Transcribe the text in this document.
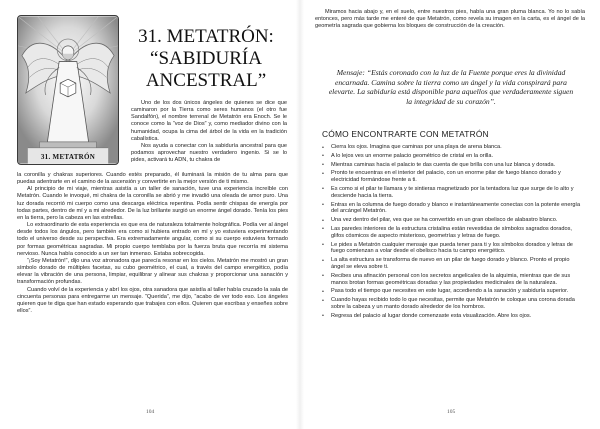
31. METATRÓN
31. METATRÓN:
“SABIDURÍA
ANCESTRAL”

Uno de los dos únicos ángeles de quienes se dice que caminaron por la Tierra como seres humanos (el otro fue Sandalfón), el nombre terrenal de Metatrón era Enoch. Se le conoce como la “voz de Dios” y, como mediador divino con la humanidad, ocupa la cima del árbol de la vida en la tradición cabalística.

Nos ayuda a conectar con la sabiduría ancestral para que podamos aprovechar nuestro verdadero ingenio. Si se lo pides, activará tu ADN, tu chakra de

la coronilla y chakras superiores. Cuando estés preparado, él iluminará la misión de tu alma para que puedas adentrarte en el camino de la ascensión y convertirte en la mejor versión de ti mismo.

Al principio de mi viaje, mientras asistía a un taller de sanación, tuve una experiencia increíble con Metatrón. Cuando le invoqué, mi chakra de la coronilla se abrió y me invadió una oleada de amor puro. Una luz dorada recorrió mi cuerpo como una descarga eléctrica repentina. Podía sentir chispas de energía por todas partes, dentro de mí y a mi alrededor. De la luz brillante surgió un enorme ángel dorado. Tenía los pies en la tierra, pero la cabeza en las estrellas.

Lo extraordinario de esta experiencia es que era de naturaleza totalmente holográfica. Podía ver al ángel desde todos los ángulos, pero también era como si hubiera entrado en mí y yo estuviera experimentando todo el universo desde su perspectiva. Era extremadamente angular, como si su cuerpo estuviera formado por formas geométricas sagradas. Mi propio cuerpo temblaba por la fuerza bruta que recorría mi sistema nervioso. Nunca había conocido a un ser tan inmenso. Estaba sobrecogida.

“¡Soy Metatrón!”, dijo una voz atronadora que parecía resonar en los cielos. Metatrón me mostró un gran símbolo dorado de múltiples facetas, su cubo geométrico, el cual, a través del campo energético, podía elevar la vibración de una persona, limpiar, equilibrar y alinear sus chakras y proporcionar una sanación y transformación profundas.

Cuando volví de la experiencia y abrí los ojos, otra sanadora que asistía al taller había cruzado la sala de cincuenta personas para entregarme un mensaje. “Querida”, me dijo, “acabo de ver todo eso. Los ángeles quieren que te diga que han estado esperando que trabajes con ellos. Quieren que escribas y enseñes sobre ellos”.

104

Miramos hacia abajo y, en el suelo, entre nuestros pies, había una gran pluma blanca. Yo no lo sabía entonces, pero más tarde me enteré de que Metatrón, como revela su imagen en la carta, es el ángel de la geometría sagrada que gobierna los bloques de construcción de la creación.

Mensaje: “Estás coronado con la luz de la Fuente porque eres la divinidad encarnada. Camina sobre la tierra como un ángel y la vida conspirará para elevarte. La sabiduría está disponible para aquellos que verdaderamente siguen la integridad de su corazón”.
CÓMO ENCONTRARTE CON METATRÓN
• Cierra los ojos. Imagina que caminas por una playa de arena blanca.
• A lo lejos ves un enorme palacio geométrico de cristal en la orilla.
• Mientras caminas hacia el palacio te das cuenta de que brilla con una luz blanca y dorada.
• Pronto te encuentras en el interior del palacio, con un enorme pilar de fuego blanco dorado y electricidad formándose frente a ti.
• Es como si el pilar te llamara y te sintieras magnetizado por la tentadora luz que surge de lo alto y desciende hacia la tierra.
• Entras en la columna de fuego dorado y blanco e instantáneamente conectas con la potente energía del arcángel Metatrón.
• Una vez dentro del pilar, ves que se ha convertido en un gran obelisco de alabastro blanco.
• Las paredes interiores de la estructura cristalina están revestidas de símbolos sagrados dorados, glifos cósmicos de aspecto misterioso, geometrías y letras de fuego.
• Le pides a Metatrón cualquier mensaje que pueda tener para ti y los símbolos dorados y letras de fuego comienzan a volar desde el obelisco hacia tu campo energético.
• La alta estructura se transforma de nuevo en un pilar de fuego dorado y blanco. Pronto el propio ángel se eleva sobre ti.
• Recibes una afinación personal con los secretos angelicales de la alquimia, mientras que de sus manos brotan formas geométricas doradas y las propiedades medicinales de la naturaleza.
• Pasa todo el tiempo que necesites en este lugar, accediendo a la sanación y sabiduría superior.
• Cuando hayas recibido todo lo que necesitas, permite que Metatrón te coloque una corona dorada sobre la cabeza y un manto dorado alrededor de los hombros.
• Regresa del palacio al lugar donde comenzaste esta visualización. Abre los ojos.
105
